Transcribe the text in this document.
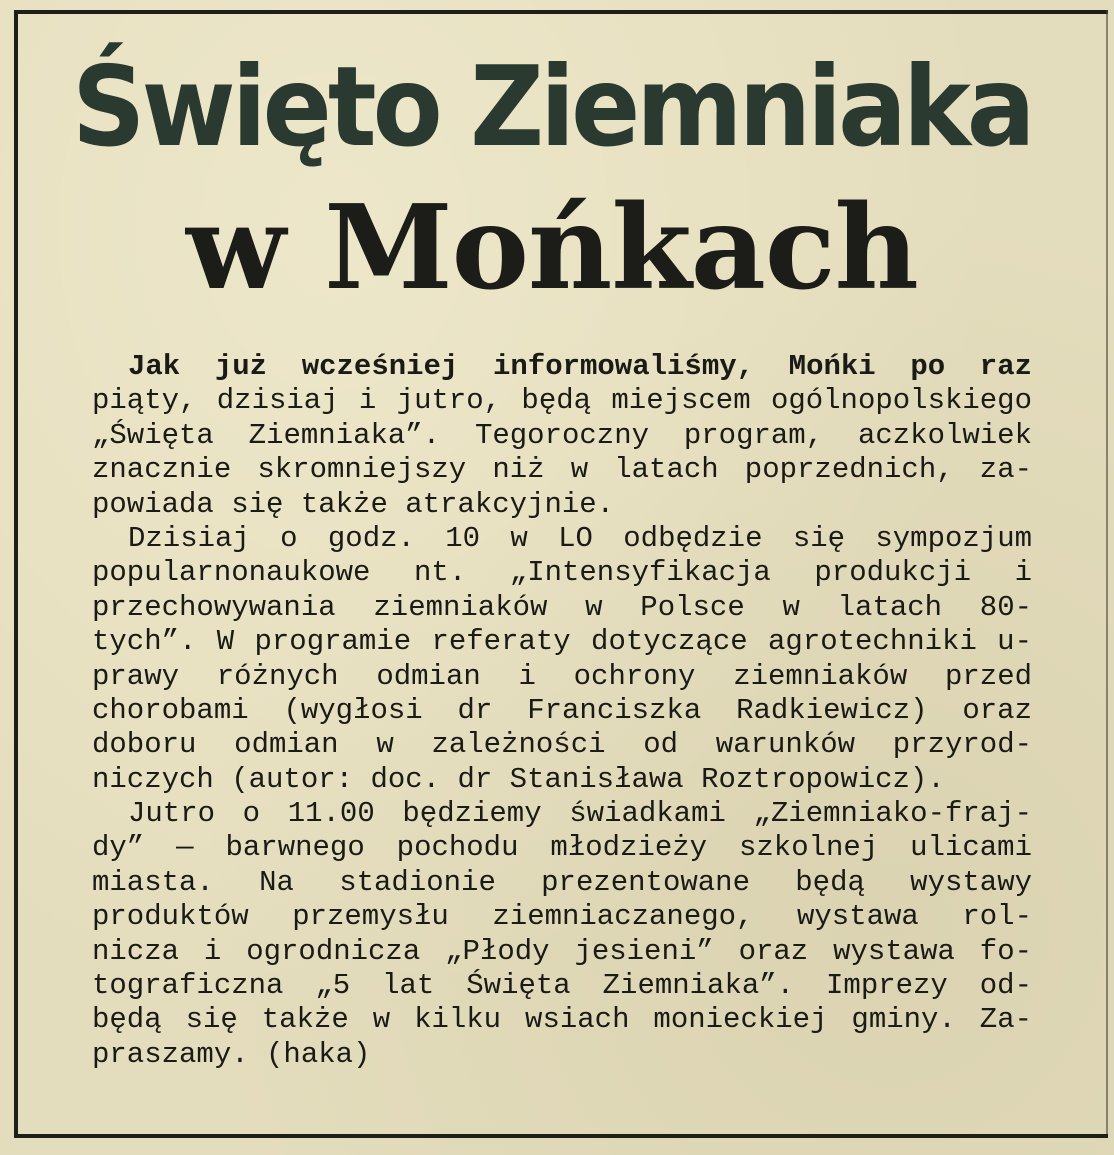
Święto Ziemniaka
w Mońkach
Jak już wcześniej informowaliśmy, Mońki po raz
piąty, dzisiaj i jutro, będą miejscem ogólnopolskiego
„Święta Ziemniaka”. Tegoroczny program, aczkolwiek
znacznie skromniejszy niż w latach poprzednich, za-
powiada się także atrakcyjnie.
Dzisiaj o godz. 10 w LO odbędzie się sympozjum
popularnonaukowe nt. „Intensyfikacja produkcji i
przechowywania ziemniaków w Polsce w latach 80-
tych”. W programie referaty dotyczące agrotechniki u-
prawy różnych odmian i ochrony ziemniaków przed
chorobami (wygłosi dr Franciszka Radkiewicz) oraz
doboru odmian w zależności od warunków przyrod-
niczych (autor: doc. dr Stanisława Roztropowicz).
Jutro o 11.00 będziemy świadkami „Ziemniako-fraj-
dy” — barwnego pochodu młodzieży szkolnej ulicami
miasta. Na stadionie prezentowane będą wystawy
produktów przemysłu ziemniaczanego, wystawa rol-
nicza i ogrodnicza „Płody jesieni” oraz wystawa fo-
tograficzna „5 lat Święta Ziemniaka”. Imprezy od-
będą się także w kilku wsiach monieckiej gminy. Za-
praszamy. (haka)
